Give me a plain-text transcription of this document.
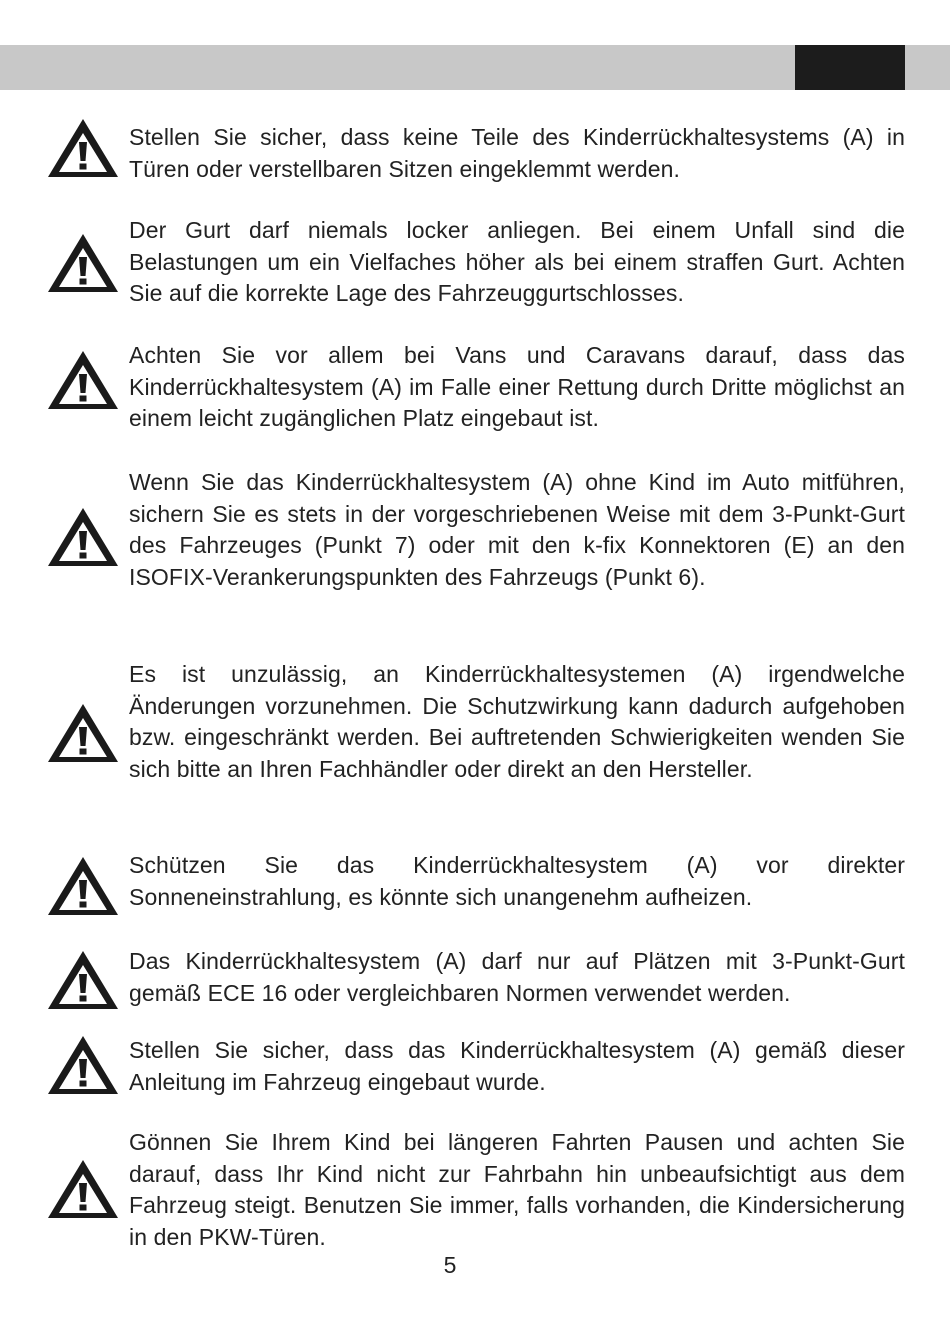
Stellen Sie sicher, dass keine Teile des Kinderrückhaltesystems (A) in Türen oder verstellbaren Sitzen eingeklemmt werden.

Der Gurt darf niemals locker anliegen. Bei einem Unfall sind die Belastungen um ein Vielfaches höher als bei einem straffen Gurt. Achten Sie auf die korrekte Lage des Fahrzeuggurtschlosses.

Achten Sie vor allem bei Vans und Caravans darauf, dass das Kinderrückhaltesystem (A) im Falle einer Rettung durch Dritte möglichst an einem leicht zugänglichen Platz eingebaut ist.

Wenn Sie das Kinderrückhaltesystem (A) ohne Kind im Auto mitführen, sichern Sie es stets in der vorgeschriebenen Weise mit dem 3-Punkt-Gurt des Fahrzeuges (Punkt 7) oder mit den k-fix Konnektoren (E) an den ISOFIX-Verankerungspunkten des Fahrzeugs (Punkt 6).

Es ist unzulässig, an Kinderrückhaltesystemen (A) irgendwelche Änderungen vorzunehmen. Die Schutzwirkung kann dadurch aufgehoben bzw. eingeschränkt werden. Bei auftretenden Schwierigkeiten wenden Sie sich bitte an Ihren Fachhändler oder direkt an den Hersteller.

Schützen Sie das Kinderrückhaltesystem (A) vor direkter Sonneneinstrahlung, es könnte sich unangenehm aufheizen.

Das Kinderrückhaltesystem (A) darf nur auf Plätzen mit 3-Punkt-Gurt gemäß ECE 16 oder vergleichbaren Normen verwendet werden.

Stellen Sie sicher, dass das Kinderrückhaltesystem (A) gemäß dieser Anleitung im Fahrzeug eingebaut wurde.

Gönnen Sie Ihrem Kind bei längeren Fahrten Pausen und achten Sie darauf, dass Ihr Kind nicht zur Fahrbahn hin unbeaufsichtigt aus dem Fahrzeug steigt. Benutzen Sie immer, falls vorhanden, die Kindersicherung in den PKW-Türen.

5
